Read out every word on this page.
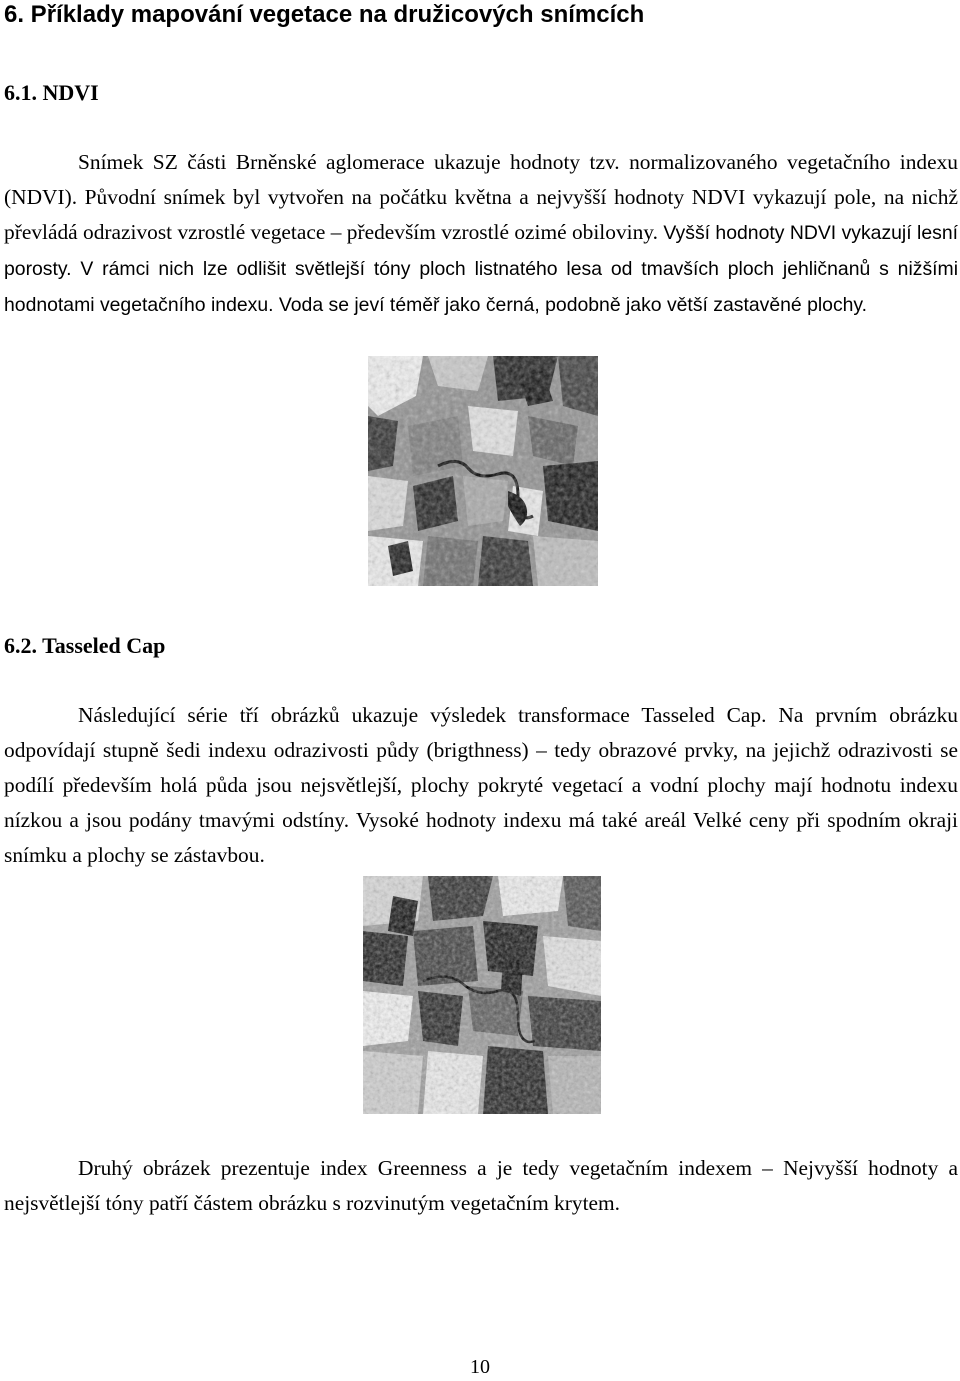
6. Příklady mapování vegetace na družicových snímcích
6.1. NDVI

Snímek SZ části Brněnské aglomerace ukazuje hodnoty tzv. normalizovaného vegetačního indexu (NDVI). Původní snímek byl vytvořen na počátku května a nejvyšší hodnoty NDVI vykazují pole, na nichž převládá odrazivost vzrostlé vegetace – především vzrostlé ozimé obiloviny. Vyšší hodnoty NDVI vykazují lesní porosty. V rámci nich lze odlišit světlejší tóny ploch listnatého lesa od tmavších ploch jehličnanů s nižšími hodnotami vegetačního indexu. Voda se jeví téměř jako černá, podobně jako větší zastavěné plochy.

6.2. Tasseled Cap

Následující série tří obrázků ukazuje výsledek transformace Tasseled Cap. Na prvním obrázku odpovídají stupně šedi indexu odrazivosti půdy (brigthness) – tedy obrazové prvky, na jejichž odrazivosti se podílí především holá půda jsou nejsvětlejší, plochy pokryté vegetací a vodní plochy mají hodnotu indexu nízkou a jsou podány tmavými odstíny. Vysoké hodnoty indexu má také areál Velké ceny při spodním okraji snímku a plochy se zástavbou.

Druhý obrázek prezentuje index Greenness a je tedy vegetačním indexem – Nejvyšší hodnoty a nejsvětlejší tóny patří částem obrázku s rozvinutým vegetačním krytem.

10
